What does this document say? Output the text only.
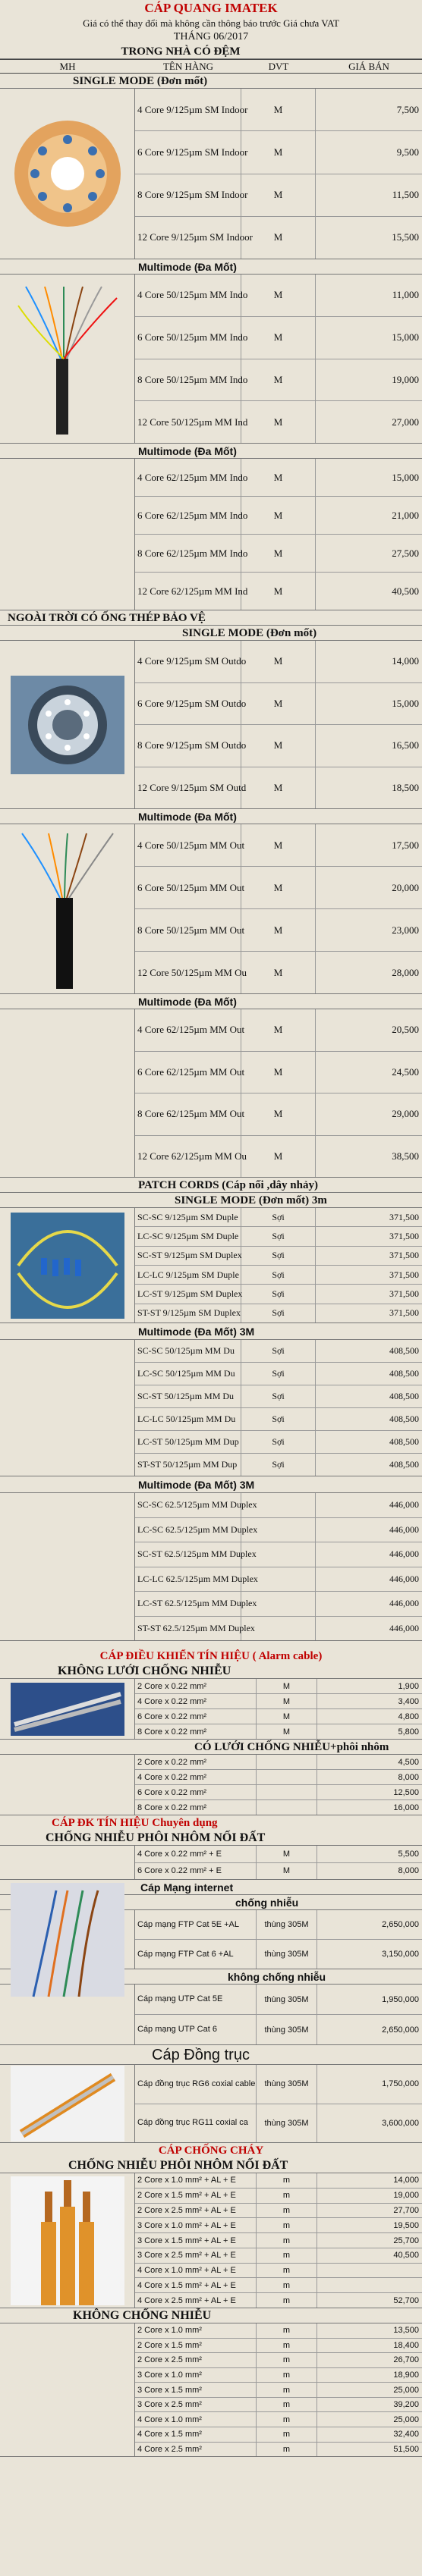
CÁP QUANG IMATEK
Giá có thể thay đổi mà không cần thông báo trước Giá chưa VAT
THÁNG 06/2017
TRONG NHÀ CÓ ĐỆM
MH	TÊN HÀNG	DVT	GIÁ BÁN
SINGLE MODE (Đơn mốt)
4 Core 9/125µm SM Indoor	M	7,500
6 Core 9/125µm SM Indoor	M	9,500
8 Core 9/125µm SM Indoor	M	11,500
12 Core 9/125µm SM Indoor	M	15,500
Multimode (Đa Mốt)
4 Core 50/125µm MM Indo	M	11,000
6 Core 50/125µm MM Indo	M	15,000
8 Core 50/125µm MM Indo	M	19,000
12 Core 50/125µm MM Ind	M	27,000
Multimode (Đa Mốt)
4 Core 62/125µm MM Indo	M	15,000
6 Core 62/125µm MM Indo	M	21,000
8 Core 62/125µm MM Indo	M	27,500
12 Core 62/125µm MM Ind	M	40,500
NGOÀI TRỜI CÓ ỐNG THÉP BẢO VỆ
SINGLE MODE (Đơn mốt)
4 Core 9/125µm SM Outdo	M	14,000
6 Core 9/125µm SM Outdo	M	15,000
8 Core 9/125µm SM Outdo	M	16,500
12 Core 9/125µm SM Outd	M	18,500
Multimode (Đa Mốt)
4 Core 50/125µm MM Out	M	17,500
6 Core 50/125µm MM Out	M	20,000
8 Core 50/125µm MM Out	M	23,000
12 Core 50/125µm MM Ou	M	28,000
Multimode (Đa Mốt)
4 Core 62/125µm MM Out	M	20,500
6 Core 62/125µm MM Out	M	24,500
8 Core 62/125µm MM Out	M	29,000
12 Core 62/125µm MM Ou	M	38,500
PATCH CORDS (Cáp nối ,dây nhảy)
SINGLE MODE (Đơn mốt) 3m
SC-SC 9/125µm SM Duple	Sợi	371,500
LC-SC 9/125µm SM Duple	Sợi	371,500
SC-ST 9/125µm SM Duplex	Sợi	371,500
LC-LC 9/125µm SM Duple	Sợi	371,500
LC-ST 9/125µm SM Duplex	Sợi	371,500
ST-ST 9/125µm SM Duplex	Sợi	371,500
Multimode (Đa Mốt) 3M
SC-SC 50/125µm MM Du	Sợi	408,500
LC-SC 50/125µm MM Du	Sợi	408,500
SC-ST 50/125µm MM Du	Sợi	408,500
LC-LC 50/125µm MM Du	Sợi	408,500
LC-ST 50/125µm MM Dup	Sợi	408,500
ST-ST 50/125µm MM Dup	Sợi	408,500
Multimode (Đa Mốt) 3M
SC-SC 62.5/125µm MM Duplex	446,000
LC-SC 62.5/125µm MM Duplex	446,000
SC-ST 62.5/125µm MM Duplex	446,000
LC-LC 62.5/125µm MM Duplex	446,000
LC-ST 62.5/125µm MM Duplex	446,000
ST-ST 62.5/125µm MM Duplex	446,000
CÁP ĐIỀU KHIỂN TÍN HIỆU ( Alarm cable)
KHÔNG LƯỚI CHỐNG NHIỄU
2 Core x 0.22 mm²	M	1,900
4 Core x 0.22 mm²	M	3,400
6 Core x 0.22 mm²	M	4,800
8 Core x 0.22 mm²	M	5,800
CÓ LƯỚI CHỐNG NHIỄU+phôi nhôm
2 Core x 0.22 mm²	4,500
4 Core x 0.22 mm²	8,000
6 Core x 0.22 mm²	12,500
8 Core x 0.22 mm²	16,000
CÁP ĐK TÍN HIỆU Chuyên dụng
CHỐNG NHIỄU PHÔI NHÔM NỐI ĐẤT
4 Core x 0.22 mm² + E	M	5,500
6 Core x 0.22 mm² + E	M	8,000
Cáp Mạng internet
chống nhiễu
Cáp mạng FTP Cat 5E +AL	thùng 305M	2,650,000
Cáp mạng FTP Cat 6 +AL	thùng 305M	3,150,000
không chống nhiễu
Cáp mạng UTP Cat 5E	thùng 305M	1,950,000
Cáp mạng UTP Cat 6	thùng 305M	2,650,000
Cáp Đồng trục
Cáp đồng trục RG6 coxial cable	thùng 305M	1,750,000
Cáp đồng trục RG11 coxial ca	thùng 305M	3,600,000
CÁP CHỐNG CHÁY
CHỐNG NHIỄU PHÔI NHÔM NỐI ĐẤT
2 Core x 1.0 mm² + AL + E	m	14,000
2 Core x 1.5 mm² + AL + E	m	19,000
2 Core x 2.5 mm² + AL + E	m	27,700
3 Core x 1.0 mm² + AL + E	m	19,500
3 Core x 1.5 mm² + AL + E	m	25,700
3 Core x 2.5 mm² + AL + E	m	40,500
4 Core x 1.0 mm² + AL + E	m
4 Core x 1.5 mm² + AL + E	m
4 Core x 2.5 mm² + AL + E	m	52,700
KHÔNG CHỐNG NHIỄU
2 Core x 1.0 mm²	m	13,500
2 Core x 1.5 mm²	m	18,400
2 Core x 2.5 mm²	m	26,700
3 Core x 1.0 mm²	m	18,900
3 Core x 1.5 mm²	m	25,000
3 Core x 2.5 mm²	m	39,200
4 Core x 1.0 mm²	m	25,000
4 Core x 1.5 mm²	m	32,400
4 Core x 2.5 mm²	m	51,500
